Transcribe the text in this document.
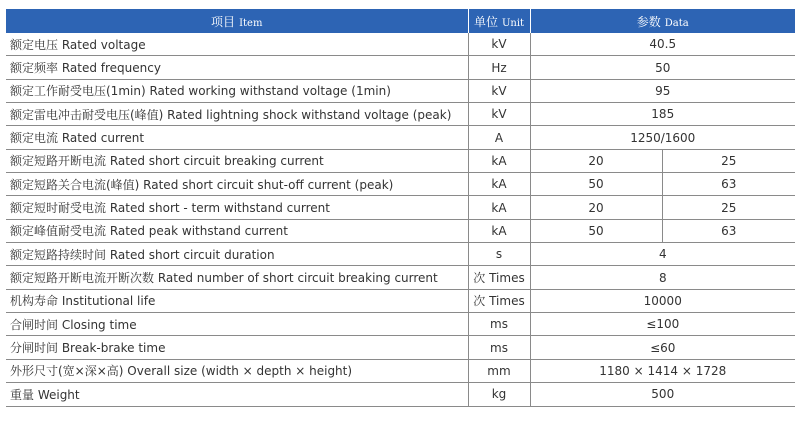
项目 Item	单位 Unit	参数 Data	
额定电压 Rated voltage	kV	40.5	
额定频率 Rated frequency	Hz	50	
额定工作耐受电压(1min) Rated working withstand voltage (1min)	kV	95	
额定雷电冲击耐受电压(峰值) Rated lightning shock withstand voltage (peak)	kV	185	
额定电流 Rated current	A	1250/1600	
额定短路开断电流 Rated short circuit breaking current	kA	20	25
额定短路关合电流(峰值) Rated short circuit shut-off current (peak)	kA	50	63
额定短时耐受电流 Rated short - term withstand current	kA	20	25
额定峰值耐受电流 Rated peak withstand current	kA	50	63
额定短路持续时间 Rated short circuit duration	s	4	
额定短路开断电流开断次数 Rated number of short circuit breaking current	次 Times	8	
机构寿命 Institutional life	次 Times	10000	
合闸时间 Closing time	ms	≤100	
分闸时间 Break-brake time	ms	≤60	
外形尺寸(宽×深×高) Overall size (width × depth × height)	mm	1180 × 1414 × 1728	
重量 Weight	kg	500	
